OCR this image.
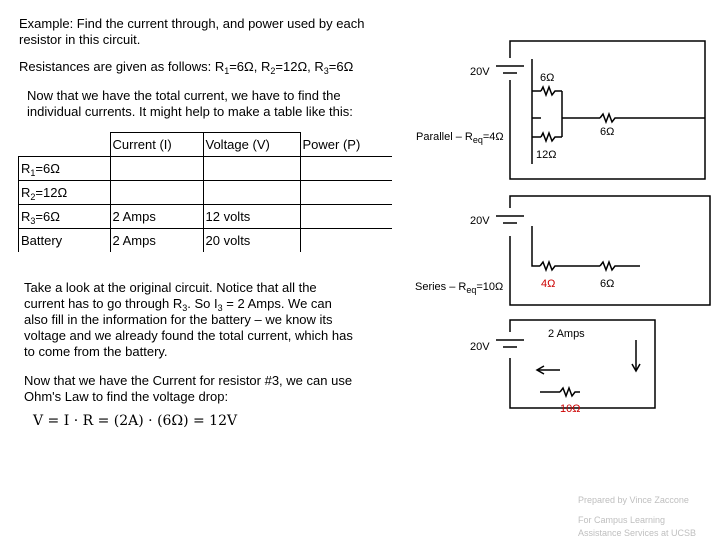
Example: Find the current through, and power used by each
resistor in this circuit.
Resistances are given as follows: $R_1=6\Omega$, $R_2=12\Omega$, $R_3=6\Omega$
Now that we have the total current, we have to find the
individual currents. It might help to make a table like this:
	Current (I)	Voltage (V)	Power (P)
$R_1=6\Omega$			
$R_2=12\Omega$			
$R_3=6\Omega$	2 Amps	12 volts	
Battery	2 Amps	20 volts	
Take a look at the original circuit. Notice that all the
current has to go through $R_3$. So $I_3 = 2$ Amps. We can
also fill in the information for the battery – we know its
voltage and we already found the total current, which has
to come from the battery.
Now that we have the Current for resistor #3, we can use
Ohm's Law to find the voltage drop:
V = I · R = (2A) · (6Ω) = 12V
20V	6Ω
6Ω
12Ω
Parallel – $R_{eq}=4\Omega$
20V
4Ω	6Ω
Series – $R_{eq}=10\Omega$
20V
2 Amps
10Ω
Prepared by Vince Zaccone
For Campus Learning
Assistance Services at UCSB
